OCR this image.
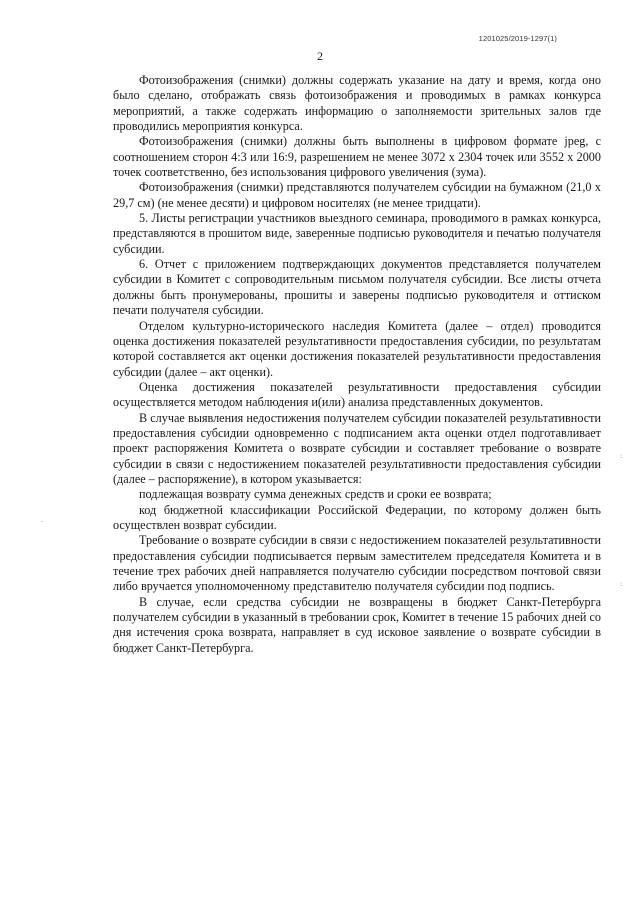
1201025/2019-1297(1)
2

Фотоизображения (снимки) должны содержать указание на дату и время, когда оно было сделано, отображать связь фотоизображения и проводимых в рамках конкурса мероприятий, а также содержать информацию о заполняемости зрительных залов где проводились мероприятия конкурса.

Фотоизображения (снимки) должны быть выполнены в цифровом формате jpeg, с соотношением сторон 4:3 или 16:9, разрешением не менее 3072 х 2304 точек или 3552 х 2000 точек соответственно, без использования цифрового увеличения (зума).

Фотоизображения (снимки) представляются получателем субсидии на бумажном (21,0 х 29,7 см) (не менее десяти) и цифровом носителях (не менее тридцати).

5. Листы регистрации участников выездного семинара, проводимого в рамках конкурса, представляются в прошитом виде, заверенные подписью руководителя и печатью получателя субсидии.

6. Отчет с приложением подтверждающих документов представляется получателем субсидии в Комитет с сопроводительным письмом получателя субсидии. Все листы отчета должны быть пронумерованы, прошиты и заверены подписью руководителя и оттиском печати получателя субсидии.

Отделом культурно-исторического наследия Комитета (далее – отдел) проводится оценка достижения показателей результативности предоставления субсидии, по результатам которой составляется акт оценки достижения показателей результативности предоставления субсидии (далее – акт оценки).

Оценка достижения показателей результативности предоставления субсидии осуществляется методом наблюдения и(или) анализа представленных документов.

В случае выявления недостижения получателем субсидии показателей результативности предоставления субсидии одновременно с подписанием акта оценки отдел подготавливает проект распоряжения Комитета о возврате субсидии и составляет требование о возврате субсидии в связи с недостижением показателей результативности предоставления субсидии (далее – распоряжение), в котором указывается:

подлежащая возврату сумма денежных средств и сроки ее возврата;

код бюджетной классификации Российской Федерации, по которому должен быть осуществлен возврат субсидии.

Требование о возврате субсидии в связи с недостижением показателей результативности предоставления субсидии подписывается первым заместителем председателя Комитета и в течение трех рабочих дней направляется получателю субсидии посредством почтовой связи либо вручается уполномоченному представителю получателя субсидии под подпись.

В случае, если средства субсидии не возвращены в бюджет Санкт-Петербурга получателем субсидии в указанный в требовании срок, Комитет в течение 15 рабочих дней со дня истечения срока возврата, направляет в суд исковое заявление о возврате субсидии в бюджет Санкт-Петербурга.

·
:
:
